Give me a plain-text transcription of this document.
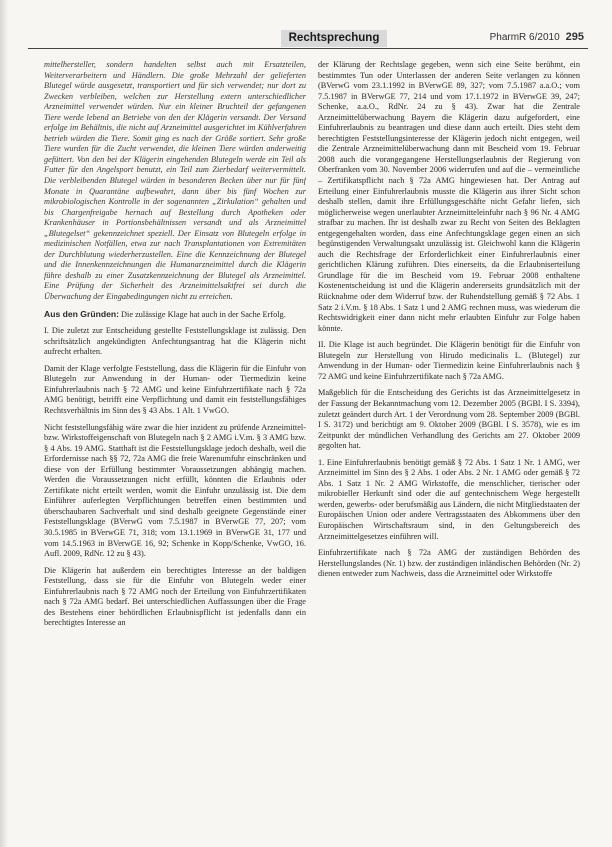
Rechtsprechung	PharmR 6/2010 295

mittelhersteller, sondern handelten selbst auch mit Ersatzteilen, Weiterverarbeitern und Händlern. Die große Mehrzahl der gelieferten Blutegel würde ausgesetzt, transportiert und für sich verwendet; nur dort zu Zwecken verbleiben, welchen zur Herstellung extern unterschiedlicher Arzneimittel verwendet würden. Nur ein kleiner Bruchteil der gefangenen Tiere werde lebend an Betriebe von den der Klägerin versandt. Der Versand erfolge im Behältnis, die nicht auf Arzneimittel ausgerichtet im Kühlverfahren betrieb würden die Tiere. Somit ging es nach der Größe sortiert. Sehr große Tiere wurden für die Zucht verwendet, die kleinen Tiere würden anderweitig gefüttert. Von den bei der Klägerin eingehenden Blutegeln werde ein Teil als Futter für den Angelsport benutzt, ein Teil zum Zierbedarf weitervermittelt. Die verbleibenden Blutegel würden in besonderen Becken über nur für fünf Monate in Quarantäne aufbewahrt, dann über bis fünf Wochen zur mikrobiologischen Kontrolle in der sogenannten „Zirkulation“ gehalten und bis Chargenfreigabe hernach auf Bestellung durch Apotheken oder Krankenhäuser in Portionsbehältnissen versandt und als Arzneimittel „Blutegelset“ gekennzeichnet speziell. Der Einsatz von Blutegeln erfolge in medizinischen Notfällen, etwa zur nach Transplantationen von Extremitäten der Durchblutung wiederherzustellen. Eine die Kennzeichnung der Blutegel und die Innenkennzeichnungen die Humanarzneimittel durch die Klägerin führe deshalb zu einer Zusatzkennzeichnung der Blutegel als Arzneimittel. Eine Prüfung der Sicherheit des Arzneimittelsaktfrei sei durch die Überwachung der Eingabedingungen nicht zu erreichen.

Aus den Gründen: Die zulässige Klage hat auch in der Sache Erfolg.

I. Die zuletzt zur Entscheidung gestellte Feststellungsklage ist zulässig. Den schriftsätzlich angekündigten Anfechtungsantrag hat die Klägerin nicht aufrecht erhalten.

Damit der Klage verfolgte Feststellung, dass die Klägerin für die Einfuhr von Blutegeln zur Anwendung in der Human- oder Tiermedizin keine Einfuhrerlaubnis nach § 72 AMG und keine Einfuhrzertifikate nach § 72a AMG benötigt, betrifft eine Verpflichtung und damit ein feststellungsfähiges Rechtsverhältnis im Sinn des § 43 Abs. 1 Alt. 1 VwGO.

Nicht feststellungsfähig wäre zwar die hier inzident zu prüfende Arzneimittel- bzw. Wirkstoffeigenschaft von Blutegeln nach § 2 AMG i.V.m. § 3 AMG bzw. § 4 Abs. 19 AMG. Statthaft ist die Feststellungsklage jedoch deshalb, weil die Erfordernisse nach §§ 72, 72a AMG die freie Warenumfuhr einschränken und diese von der Erfüllung bestimmter Voraussetzungen abhängig machen. Werden die Voraussetzungen nicht erfüllt, könnten die Erlaubnis oder Zertifikate nicht erteilt werden, womit die Einfuhr unzulässig ist. Die dem Einführer auferlegten Verpflichtungen betreffen einen bestimmten und überschaubaren Sachverhalt und sind deshalb geeignete Gegenstände einer Feststellungsklage (BVerwG vom 7.5.1987 in BVerwGE 77, 207; vom 30.5.1985 in BVerwGE 71, 318; vom 13.1.1969 in BVerwGE 31, 177 und vom 14.5.1963 in BVerwGE 16, 92; Schenke in Kopp/Schenke, VwGO, 16. Aufl. 2009, RdNr. 12 zu § 43).

Die Klägerin hat außerdem ein berechtigtes Interesse an der baldigen Feststellung, dass sie für die Einfuhr von Blutegeln weder einer Einfuhrerlaubnis nach § 72 AMG noch der Erteilung von Einfuhrzertifikaten nach § 72a AMG bedarf. Bei unterschiedlichen Auffassungen über die Frage des Bestehens einer behördlichen Erlaubnispflicht ist jedenfalls dann ein berechtigtes Interesse an

der Klärung der Rechtslage gegeben, wenn sich eine Seite berühmt, ein bestimmtes Tun oder Unterlassen der anderen Seite verlangen zu können (BVerwG vom 23.1.1992 in BVerwGE 89, 327; vom 7.5.1987 a.a.O.; vom 7.5.1987 in BVerwGE 77, 214 und vom 17.1.1972 in BVerwGE 39, 247; Schenke, a.a.O., RdNr. 24 zu § 43). Zwar hat die Zentrale Arzneimittelüberwachung Bayern die Klägerin dazu aufgefordert, eine Einfuhrerlaubnis zu beantragen und diese dann auch erteilt. Dies steht dem berechtigten Feststellungsinteresse der Klägerin jedoch nicht entgegen, weil die Zentrale Arzneimittelüberwachung dann mit Bescheid vom 19. Februar 2008 auch die vorangegangene Herstellungserlaubnis der Regierung von Oberfranken vom 30. November 2006 widerrufen und auf die – vermeintliche – Zertifikatspflicht nach § 72a AMG hingewiesen hat. Der Antrag auf Erteilung einer Einfuhrerlaubnis musste die Klägerin aus ihrer Sicht schon deshalb stellen, damit ihre Erfüllungsgeschäfte nicht Gefahr liefen, sich möglicherweise wegen unerlaubter Arzneimitteleinfuhr nach § 96 Nr. 4 AMG strafbar zu machen. Ihr ist deshalb zwar zu Recht von Seiten des Beklagten entgegengehalten worden, dass eine Anfechtungsklage gegen einen an sich begünstigenden Verwaltungsakt unzulässig ist. Gleichwohl kann die Klägerin auch die Rechtsfrage der Erforderlichkeit einer Einfuhrerlaubnis einer gerichtlichen Klärung zuführen. Dies einerseits, da die Erlaubniserteilung Grundlage für die im Bescheid vom 19. Februar 2008 enthaltene Kostenentscheidung ist und die Klägerin andererseits grundsätzlich mit der Rücknahme oder dem Widerruf bzw. der Ruhendstellung gemäß § 72 Abs. 1 Satz 2 i.V.m. § 18 Abs. 1 Satz 1 und 2 AMG rechnen muss, was wiederum die Rechtswidrigkeit einer dann nicht mehr erlaubten Einfuhr zur Folge haben könnte.

II. Die Klage ist auch begründet. Die Klägerin benötigt für die Einfuhr von Blutegeln zur Herstellung von Hirudo medicinalis L. (Blutegel) zur Anwendung in der Human- oder Tiermedizin keine Einfuhrerlaubnis nach § 72 AMG und keine Einfuhrzertifikate nach § 72a AMG.

Maßgeblich für die Entscheidung des Gerichts ist das Arzneimittelgesetz in der Fassung der Bekanntmachung vom 12. Dezember 2005 (BGBl. I S. 3394), zuletzt geändert durch Art. 1 der Verordnung vom 28. September 2009 (BGBl. I S. 3172) und berichtigt am 9. Oktober 2009 (BGBl. I S. 3578), wie es im Zeitpunkt der mündlichen Verhandlung des Gerichts am 27. Oktober 2009 gegolten hat.

1. Eine Einfuhrerlaubnis benötigt gemäß § 72 Abs. 1 Satz 1 Nr. 1 AMG, wer Arzneimittel im Sinn des § 2 Abs. 1 oder Abs. 2 Nr. 1 AMG oder gemäß § 72 Abs. 1 Satz 1 Nr. 2 AMG Wirkstoffe, die menschlicher, tierischer oder mikrobieller Herkunft sind oder die auf gentechnischem Wege hergestellt werden, gewerbs- oder berufsmäßig aus Ländern, die nicht Mitgliedstaaten der Europäischen Union oder andere Vertragsstaaten des Abkommens über den Europäischen Wirtschaftsraum sind, in den Geltungsbereich des Arzneimittelgesetzes einführen will.

Einfuhrzertifikate nach § 72a AMG der zuständigen Behörden des Herstellungslandes (Nr. 1) bzw. der zuständigen inländischen Behörden (Nr. 2) dienen entweder zum Nachweis, dass die Arzneimittel oder Wirkstoffe
